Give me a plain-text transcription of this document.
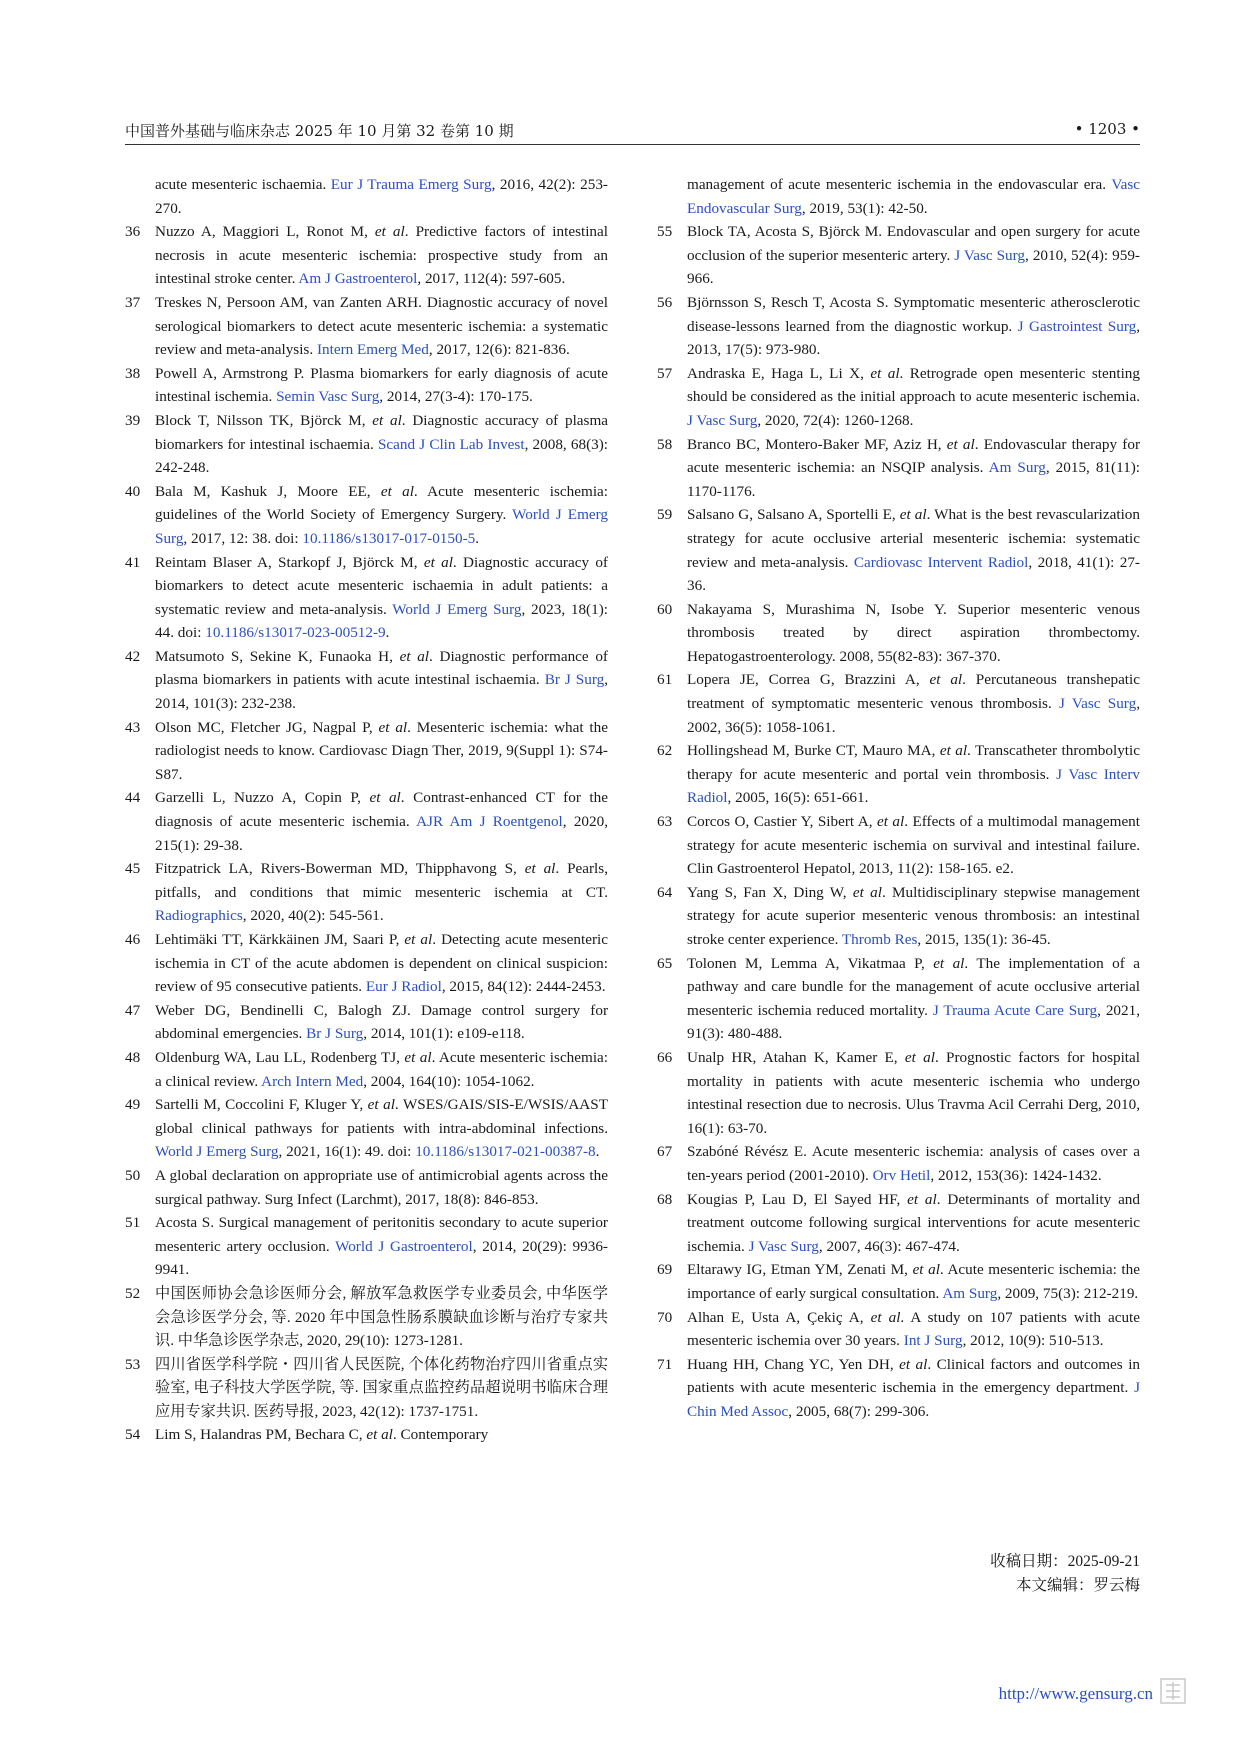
中国普外基础与临床杂志 2025 年 10 月第 32 卷第 10 期	• 1203 •
acute mesenteric ischaemia. Eur J Trauma Emerg Surg, 2016, 42(2): 253-270.
36 Nuzzo A, Maggiori L, Ronot M, et al. Predictive factors of intestinal necrosis in acute mesenteric ischemia: prospective study from an intestinal stroke center. Am J Gastroenterol, 2017, 112(4): 597-605.
37 Treskes N, Persoon AM, van Zanten ARH. Diagnostic accuracy of novel serological biomarkers to detect acute mesenteric ischemia: a systematic review and meta-analysis. Intern Emerg Med, 2017, 12(6): 821-836.
38 Powell A, Armstrong P. Plasma biomarkers for early diagnosis of acute intestinal ischemia. Semin Vasc Surg, 2014, 27(3-4): 170-175.
39 Block T, Nilsson TK, Björck M, et al. Diagnostic accuracy of plasma biomarkers for intestinal ischaemia. Scand J Clin Lab Invest, 2008, 68(3): 242-248.
40 Bala M, Kashuk J, Moore EE, et al. Acute mesenteric ischemia: guidelines of the World Society of Emergency Surgery. World J Emerg Surg, 2017, 12: 38. doi: 10.1186/s13017-017-0150-5.
41 Reintam Blaser A, Starkopf J, Björck M, et al. Diagnostic accuracy of biomarkers to detect acute mesenteric ischaemia in adult patients: a systematic review and meta-analysis. World J Emerg Surg, 2023, 18(1): 44. doi: 10.1186/s13017-023-00512-9.
42 Matsumoto S, Sekine K, Funaoka H, et al. Diagnostic performance of plasma biomarkers in patients with acute intestinal ischaemia. Br J Surg, 2014, 101(3): 232-238.
43 Olson MC, Fletcher JG, Nagpal P, et al. Mesenteric ischemia: what the radiologist needs to know. Cardiovasc Diagn Ther, 2019, 9(Suppl 1): S74-S87.
44 Garzelli L, Nuzzo A, Copin P, et al. Contrast-enhanced CT for the diagnosis of acute mesenteric ischemia. AJR Am J Roentgenol, 2020, 215(1): 29-38.
45 Fitzpatrick LA, Rivers-Bowerman MD, Thipphavong S, et al. Pearls, pitfalls, and conditions that mimic mesenteric ischemia at CT. Radiographics, 2020, 40(2): 545-561.
46 Lehtimäki TT, Kärkkäinen JM, Saari P, et al. Detecting acute mesenteric ischemia in CT of the acute abdomen is dependent on clinical suspicion: review of 95 consecutive patients. Eur J Radiol, 2015, 84(12): 2444-2453.
47 Weber DG, Bendinelli C, Balogh ZJ. Damage control surgery for abdominal emergencies. Br J Surg, 2014, 101(1): e109-e118.
48 Oldenburg WA, Lau LL, Rodenberg TJ, et al. Acute mesenteric ischemia: a clinical review. Arch Intern Med, 2004, 164(10): 1054-1062.
49 Sartelli M, Coccolini F, Kluger Y, et al. WSES/GAIS/SIS-E/WSIS/AAST global clinical pathways for patients with intra-abdominal infections. World J Emerg Surg, 2021, 16(1): 49. doi: 10.1186/s13017-021-00387-8.
50 A global declaration on appropriate use of antimicrobial agents across the surgical pathway. Surg Infect (Larchmt), 2017, 18(8): 846-853.
51 Acosta S. Surgical management of peritonitis secondary to acute superior mesenteric artery occlusion. World J Gastroenterol, 2014, 20(29): 9936-9941.
52 中国医师协会急诊医师分会, 解放军急救医学专业委员会, 中华医学会急诊医学分会, 等. 2020 年中国急性肠系膜缺血诊断与治疗专家共识. 中华急诊医学杂志, 2020, 29(10): 1273-1281.
53 四川省医学科学院・四川省人民医院, 个体化药物治疗四川省重点实验室, 电子科技大学医学院, 等. 国家重点监控药品超说明书临床合理应用专家共识. 医药导报, 2023, 42(12): 1737-1751.
54 Lim S, Halandras PM, Bechara C, et al. Contemporary
management of acute mesenteric ischemia in the endovascular era. Vasc Endovascular Surg, 2019, 53(1): 42-50.
55 Block TA, Acosta S, Björck M. Endovascular and open surgery for acute occlusion of the superior mesenteric artery. J Vasc Surg, 2010, 52(4): 959-966.
56 Björnsson S, Resch T, Acosta S. Symptomatic mesenteric atherosclerotic disease-lessons learned from the diagnostic workup. J Gastrointest Surg, 2013, 17(5): 973-980.
57 Andraska E, Haga L, Li X, et al. Retrograde open mesenteric stenting should be considered as the initial approach to acute mesenteric ischemia. J Vasc Surg, 2020, 72(4): 1260-1268.
58 Branco BC, Montero-Baker MF, Aziz H, et al. Endovascular therapy for acute mesenteric ischemia: an NSQIP analysis. Am Surg, 2015, 81(11): 1170-1176.
59 Salsano G, Salsano A, Sportelli E, et al. What is the best revascularization strategy for acute occlusive arterial mesenteric ischemia: systematic review and meta-analysis. Cardiovasc Intervent Radiol, 2018, 41(1): 27-36.
60 Nakayama S, Murashima N, Isobe Y. Superior mesenteric venous thrombosis treated by direct aspiration thrombectomy. Hepatogastroenterology. 2008, 55(82-83): 367-370.
61 Lopera JE, Correa G, Brazzini A, et al. Percutaneous transhepatic treatment of symptomatic mesenteric venous thrombosis. J Vasc Surg, 2002, 36(5): 1058-1061.
62 Hollingshead M, Burke CT, Mauro MA, et al. Transcatheter thrombolytic therapy for acute mesenteric and portal vein thrombosis. J Vasc Interv Radiol, 2005, 16(5): 651-661.
63 Corcos O, Castier Y, Sibert A, et al. Effects of a multimodal management strategy for acute mesenteric ischemia on survival and intestinal failure. Clin Gastroenterol Hepatol, 2013, 11(2): 158-165. e2.
64 Yang S, Fan X, Ding W, et al. Multidisciplinary stepwise management strategy for acute superior mesenteric venous thrombosis: an intestinal stroke center experience. Thromb Res, 2015, 135(1): 36-45.
65 Tolonen M, Lemma A, Vikatmaa P, et al. The implementation of a pathway and care bundle for the management of acute occlusive arterial mesenteric ischemia reduced mortality. J Trauma Acute Care Surg, 2021, 91(3): 480-488.
66 Unalp HR, Atahan K, Kamer E, et al. Prognostic factors for hospital mortality in patients with acute mesenteric ischemia who undergo intestinal resection due to necrosis. Ulus Travma Acil Cerrahi Derg, 2010, 16(1): 63-70.
67 Szabóné Révész E. Acute mesenteric ischemia: analysis of cases over a ten-years period (2001-2010). Orv Hetil, 2012, 153(36): 1424-1432.
68 Kougias P, Lau D, El Sayed HF, et al. Determinants of mortality and treatment outcome following surgical interventions for acute mesenteric ischemia. J Vasc Surg, 2007, 46(3): 467-474.
69 Eltarawy IG, Etman YM, Zenati M, et al. Acute mesenteric ischemia: the importance of early surgical consultation. Am Surg, 2009, 75(3): 212-219.
70 Alhan E, Usta A, Çekiç A, et al. A study on 107 patients with acute mesenteric ischemia over 30 years. Int J Surg, 2012, 10(9): 510-513.
71 Huang HH, Chang YC, Yen DH, et al. Clinical factors and outcomes in patients with acute mesenteric ischemia in the emergency department. J Chin Med Assoc, 2005, 68(7): 299-306.
收稿日期：2025-09-21
本文编辑：罗云梅
http://www.gensurg.cn
